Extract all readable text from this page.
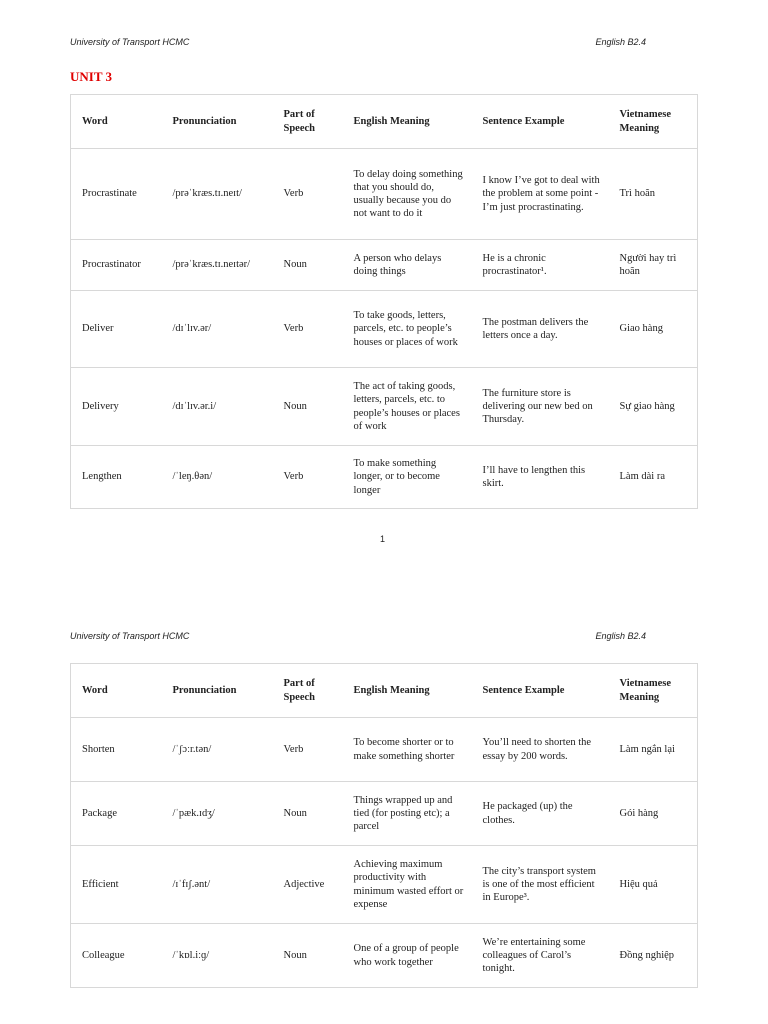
University of Transport HCMC	English B2.4
UNIT 3
Word	Pronunciation	Part of Speech	English Meaning	Sentence Example	Vietnamese Meaning
Procrastinate	/prəˈkræs.tɪ.neɪt/	Verb	To delay doing something that you should do, usually because you do not want to do it	I know I’ve got to deal with the problem at some point - I’m just procrastinating.	Trì hoãn
Procrastinator	/prəˈkræs.tɪ.neɪtər/	Noun	A person who delays doing things	He is a chronic procrastinator¹.	Người hay trì hoãn
Deliver	/dɪˈlɪv.ər/	Verb	To take goods, letters, parcels, etc. to people’s houses or places of work	The postman delivers the letters once a day.	Giao hàng
Delivery	/dɪˈlɪv.ər.i/	Noun	The act of taking goods, letters, parcels, etc. to people’s houses or places of work	The furniture store is delivering our new bed on Thursday.	Sự giao hàng
Lengthen	/ˈleŋ.θən/	Verb	To make something longer, or to become longer	I’ll have to lengthen this skirt.	Làm dài ra
1
University of Transport HCMC	English B2.4
Word	Pronunciation	Part of Speech	English Meaning	Sentence Example	Vietnamese Meaning
Shorten	/ˈʃɔːr.tən/	Verb	To become shorter or to make something shorter	You’ll need to shorten the essay by 200 words.	Làm ngắn lại
Package	/ˈpæk.ɪdʒ/	Noun	Things wrapped up and tied (for posting etc); a parcel	He packaged (up) the clothes.	Gói hàng
Efficient	/ɪˈfɪʃ.ənt/	Adjective	Achieving maximum productivity with minimum wasted effort or expense	The city’s transport system is one of the most efficient in Europe³.	Hiệu quả
Colleague	/ˈkɒl.iːɡ/	Noun	One of a group of people who work together	We’re entertaining some colleagues of Carol’s tonight.	Đồng nghiệp
